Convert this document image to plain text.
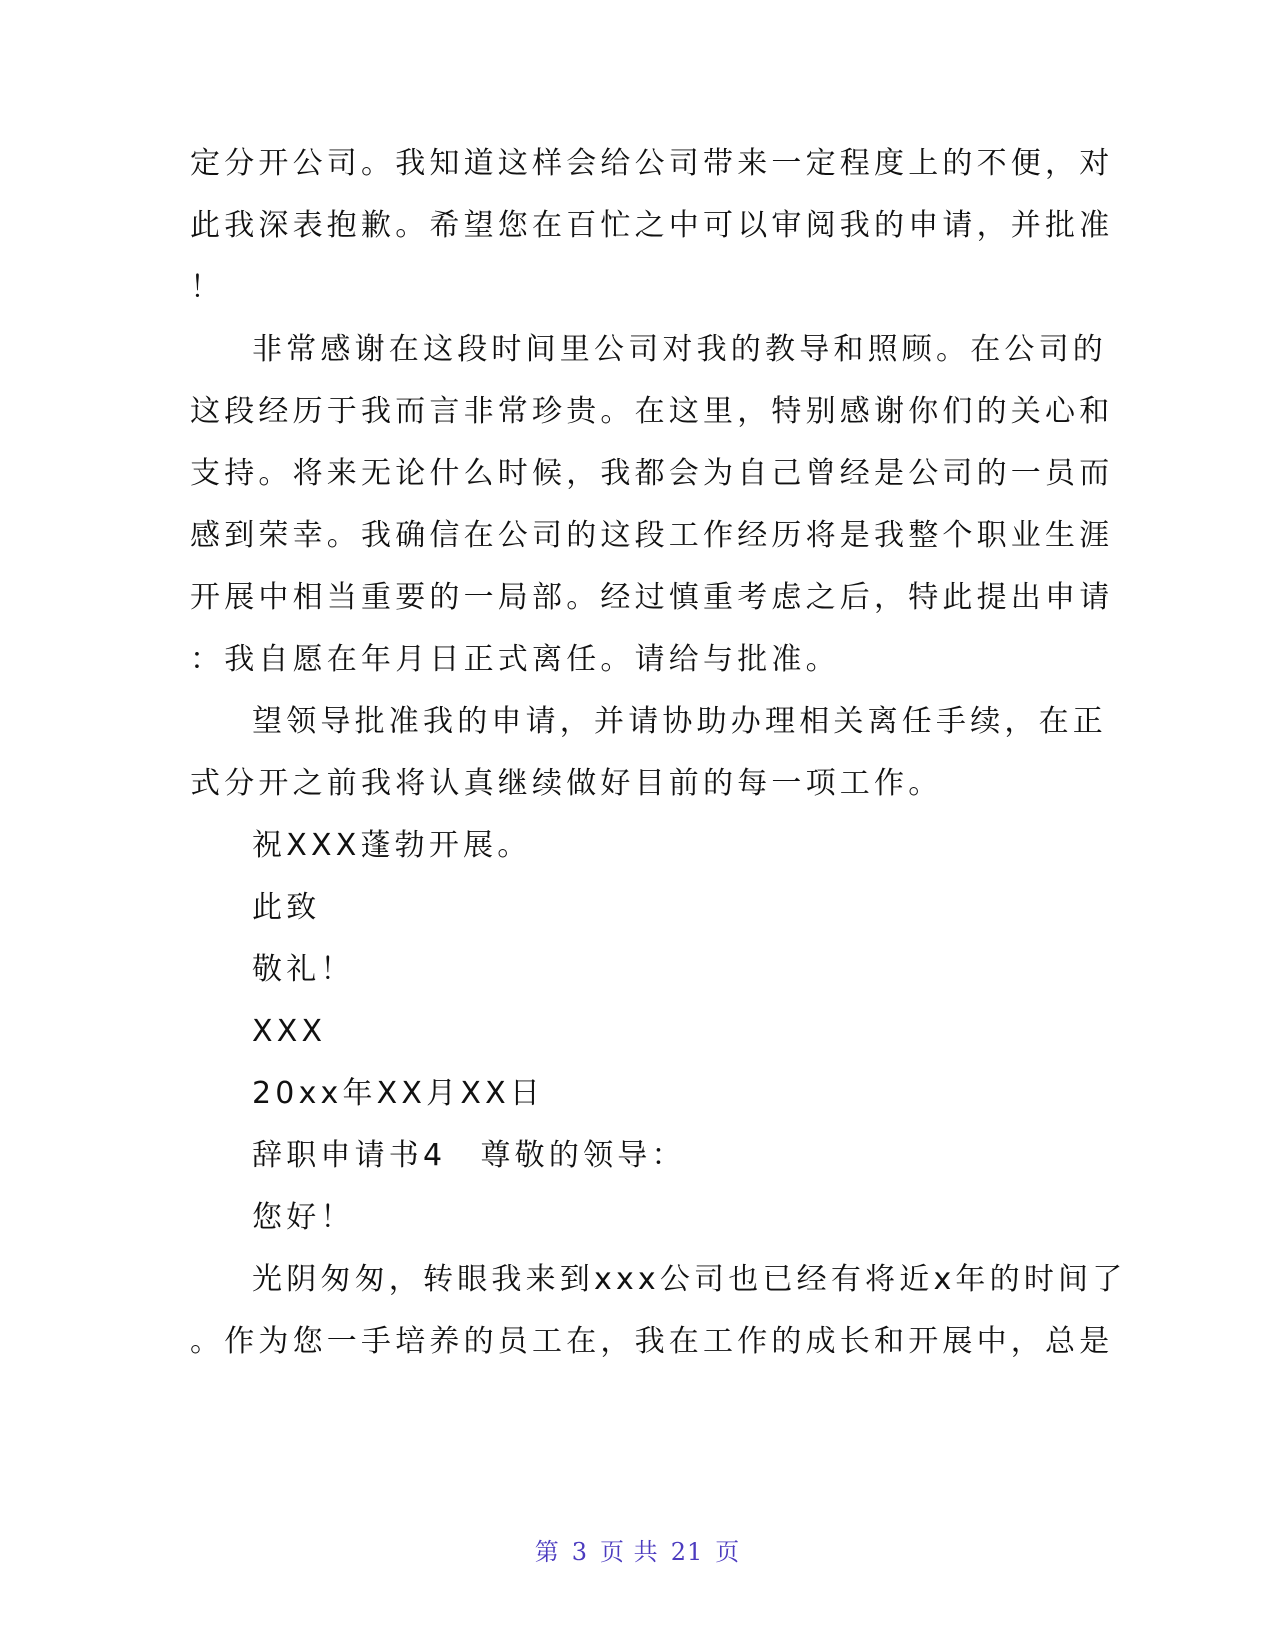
定分开公司。我知道这样会给公司带来一定程度上的不便，对
此我深表抱歉。希望您在百忙之中可以审阅我的申请，并批准
！
非常感谢在这段时间里公司对我的教导和照顾。在公司的
这段经历于我而言非常珍贵。在这里，特别感谢你们的关心和
支持。将来无论什么时候，我都会为自己曾经是公司的一员而
感到荣幸。我确信在公司的这段工作经历将是我整个职业生涯
开展中相当重要的一局部。经过慎重考虑之后，特此提出申请
：我自愿在年月日正式离任。请给与批准。
望领导批准我的申请，并请协助办理相关离任手续，在正
式分开之前我将认真继续做好目前的每一项工作。
祝XXX蓬勃开展。
此致
敬礼！
XXX
20xx年XX月XX日
辞职申请书4　尊敬的领导：
您好！
光阴匆匆，转眼我来到xxx公司也已经有将近x年的时间了
。作为您一手培养的员工在，我在工作的成长和开展中，总是
第 3 页 共 21 页
